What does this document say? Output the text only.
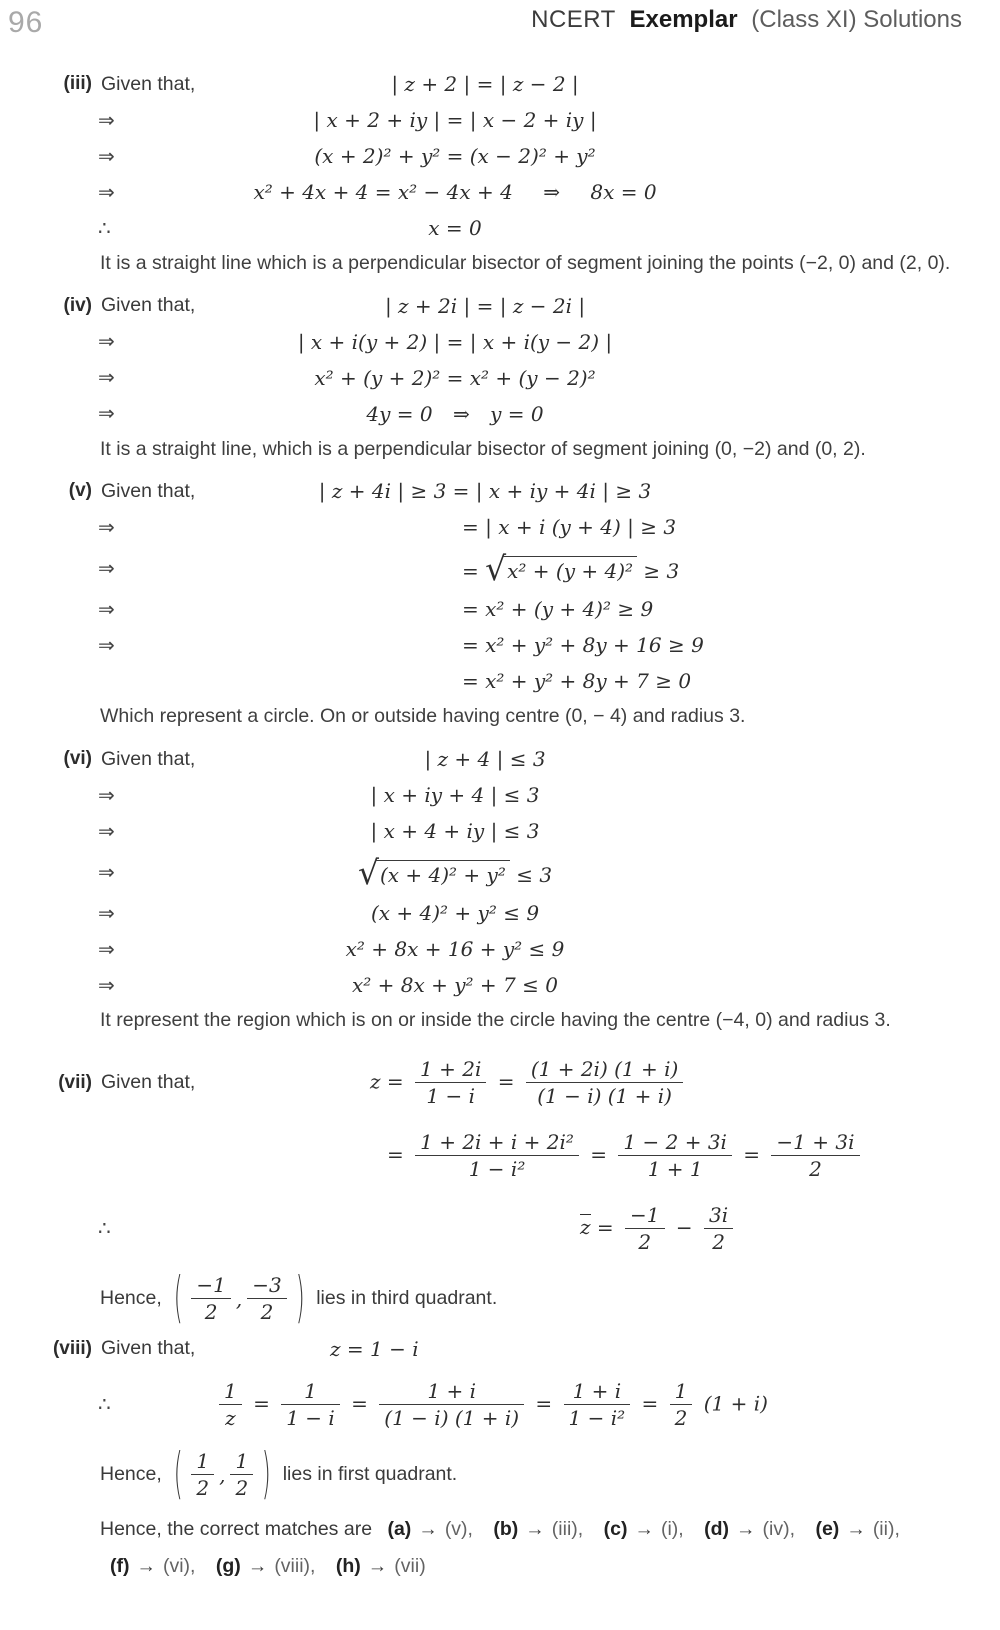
96	NCERT Exemplar (Class XI) Solutions
(iii) Given that,	| z + 2 | = | z − 2 |
⇒	| x + 2 + iy | = | x − 2 + iy |
⇒	(x + 2)² + y² = (x − 2)² + y²
⇒	x² + 4x + 4 = x² − 4x + 4 ⇒ 8x = 0
∴	x = 0
It is a straight line which is a perpendicular bisector of segment joining the points (−2, 0) and (2, 0).
(iv) Given that,	| z + 2i | = | z − 2i |
⇒	| x + i(y + 2) | = | x + i(y − 2) |
⇒	x² + (y + 2)² = x² + (y − 2)²
⇒	4y = 0 ⇒ y = 0
It is a straight line, which is a perpendicular bisector of segment joining (0, −2) and (0, 2).
(v) Given that,	| z + 4i | ≥ 3 = | x + iy + 4i | ≥ 3
⇒	= | x + i (y + 4) | ≥ 3
⇒	= √x² + (y + 4)² ≥ 3
⇒	= x² + (y + 4)² ≥ 9
⇒	= x² + y² + 8y + 16 ≥ 9
= x² + y² + 8y + 7 ≥ 0
Which represent a circle. On or outside having centre (0, − 4) and radius 3.
(vi) Given that,	| z + 4 | ≤ 3
⇒	| x + iy + 4 | ≤ 3
⇒	| x + 4 + iy | ≤ 3
⇒	√(x + 4)² + y² ≤ 3
⇒	(x + 4)² + y² ≤ 9
⇒	x² + 8x + 16 + y² ≤ 9
⇒	x² + 8x + y² + 7 ≤ 0
It represent the region which is on or inside the circle having the centre (−4, 0) and radius 3.
(vii) Given that,	$z = \frac{1 + 2i}{1 - i} = \frac{(1 + 2i) (1 + i)}{(1 - i) (1 + i)}$
= $\frac{\text{1 + 2i + i + 2i²}}{\text{1 − i²}} = \frac{1 - 2 + 3i}{1 + 1} = \frac{-1 + 3i}{2}$
∴	$z = \frac{-1}{2} - \frac{3i}{2}$
Hence, ( $\frac{-1}{2}$ , $\frac{-3}{2}$ ) lies in third quadrant.
(viii) Given that,	z = 1 − i
∴	$\frac{1}{z} = \frac{1}{1 - i} = \frac{1 + i}{(1 - i) (1 + i)} = \frac{1 + i}{\text{1 − i²}} = \frac{1}{2} (1 + i)$
Hence, ( $\frac{1}{2}$ , $\frac{1}{2}$ ) lies in first quadrant.
Hence, the correct matches are (a) → (v), (b) → (iii), (c) → (i), (d) → (iv), (e) → (ii),
(f) → (vi), (g) → (viii), (h) → (vii)
